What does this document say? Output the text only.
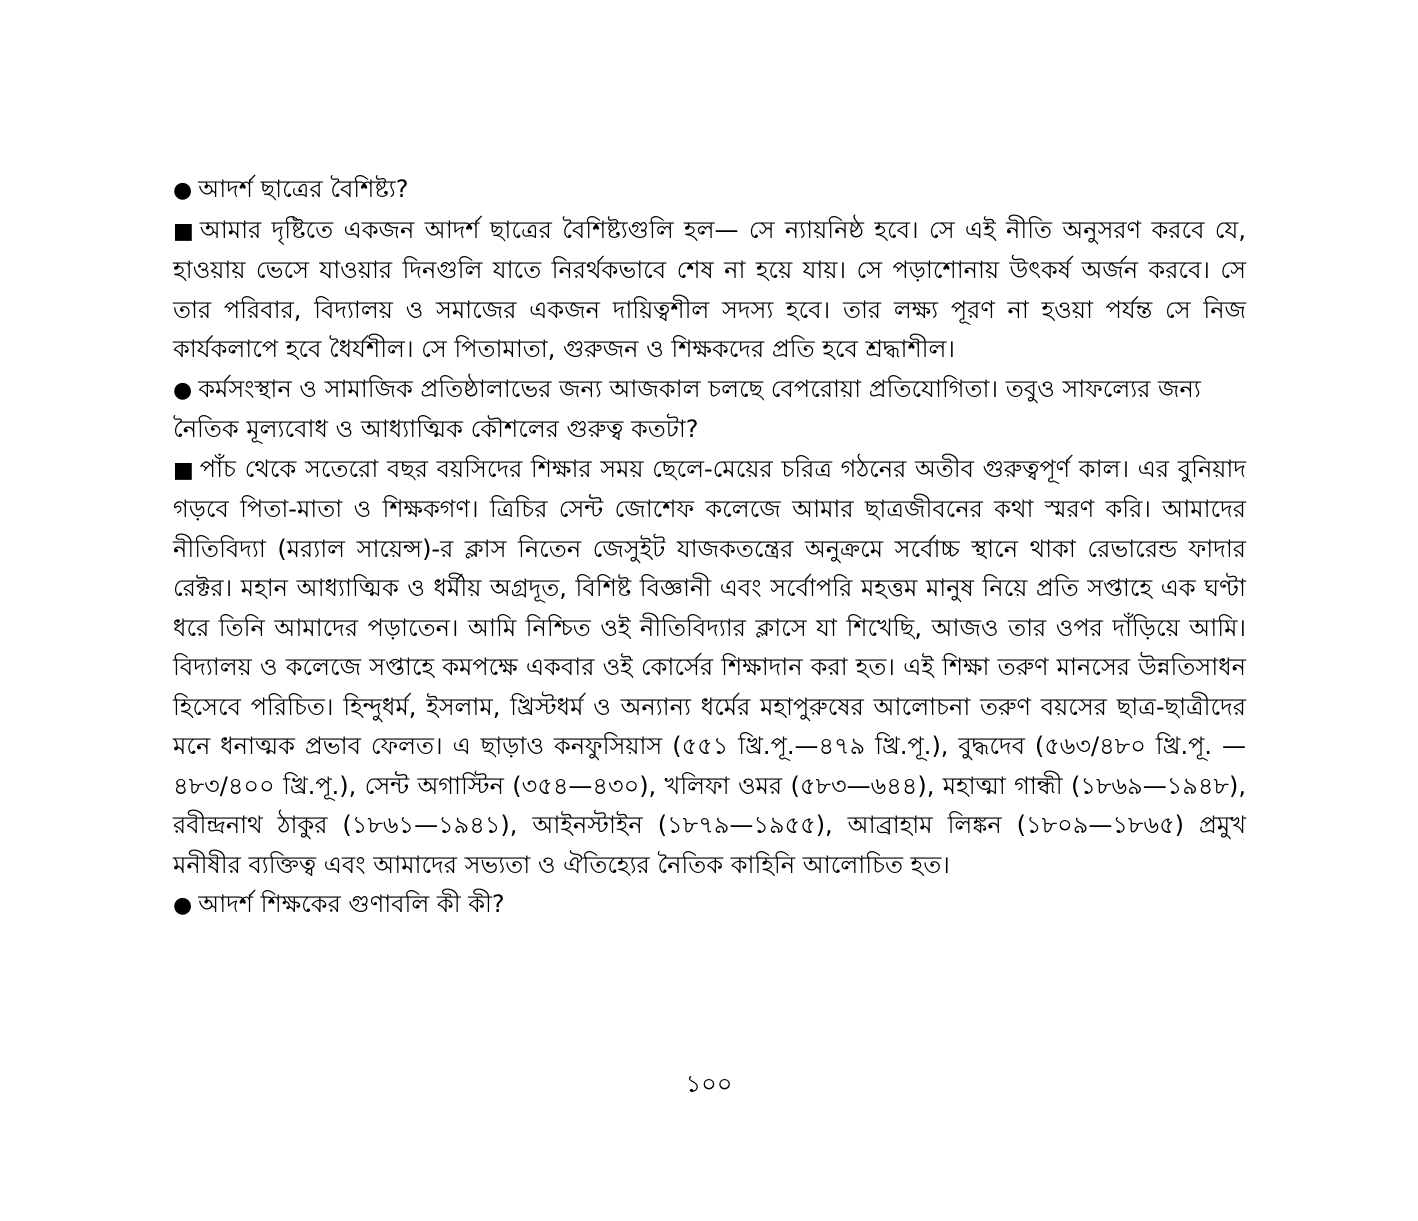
● আদর্শ ছাত্রের বৈশিষ্ট্য?

■ আমার দৃষ্টিতে একজন আদর্শ ছাত্রের বৈশিষ্ট্যগুলি হল— সে ন্যায়নিষ্ঠ হবে। সে এই নীতি অনুসরণ করবে যে, হাওয়ায় ভেসে যাওয়ার দিনগুলি যাতে নিরর্থকভাবে শেষ না হয়ে যায়। সে পড়াশোনায় উৎকর্ষ অর্জন করবে। সে তার পরিবার, বিদ্যালয় ও সমাজের একজন দায়িত্বশীল সদস্য হবে। তার লক্ষ্য পূরণ না হওয়া পর্যন্ত সে নিজ কার্যকলাপে হবে ধৈর্যশীল। সে পিতামাতা, গুরুজন ও শিক্ষকদের প্রতি হবে শ্রদ্ধাশীল।

● কর্মসংস্থান ও সামাজিক প্রতিষ্ঠালাভের জন্য আজকাল চলছে বেপরোয়া প্রতিযোগিতা। তবুও সাফল্যের জন্য নৈতিক মূল্যবোধ ও আধ্যাত্মিক কৌশলের গুরুত্ব কতটা?

■ পাঁচ থেকে সতেরো বছর বয়সিদের শিক্ষার সময় ছেলে-মেয়ের চরিত্র গঠনের অতীব গুরুত্বপূর্ণ কাল। এর বুনিয়াদ গড়বে পিতা-মাতা ও শিক্ষকগণ। ত্রিচির সেন্ট জোশেফ কলেজে আমার ছাত্রজীবনের কথা স্মরণ করি। আমাদের নীতিবিদ্যা (মর‍্যাল সায়েন্স)-র ক্লাস নিতেন জেসুইট যাজকতন্ত্রের অনুক্রমে সর্বোচ্চ স্থানে থাকা রেভারেন্ড ফাদার রেক্টর। মহান আধ্যাত্মিক ও ধর্মীয় অগ্রদূত, বিশিষ্ট বিজ্ঞানী এবং সর্বোপরি মহত্তম মানুষ নিয়ে প্রতি সপ্তাহে এক ঘণ্টা ধরে তিনি আমাদের পড়াতেন। আমি নিশ্চিত ওই নীতিবিদ্যার ক্লাসে যা শিখেছি, আজও তার ওপর দাঁড়িয়ে আমি। বিদ্যালয় ও কলেজে সপ্তাহে কমপক্ষে একবার ওই কোর্সের শিক্ষাদান করা হত। এই শিক্ষা তরুণ মানসের উন্নতিসাধন হিসেবে পরিচিত। হিন্দুধর্ম, ইসলাম, খ্রিস্টধর্ম ও অন্যান্য ধর্মের মহাপুরুষের আলোচনা তরুণ বয়সের ছাত্র-ছাত্রীদের মনে ধনাত্মক প্রভাব ফেলত। এ ছাড়াও কনফুসিয়াস (৫৫১ খ্রি.পূ.—৪৭৯ খ্রি.পূ.), বুদ্ধদেব (৫৬৩/৪৮০ খ্রি.পূ. —৪৮৩/৪০০ খ্রি.পূ.), সেন্ট অগাস্টিন (৩৫৪—৪৩০), খলিফা ওমর (৫৮৩—৬৪৪), মহাত্মা গান্ধী (১৮৬৯—১৯৪৮), রবীন্দ্রনাথ ঠাকুর (১৮৬১—১৯৪১), আইনস্টাইন (১৮৭৯—১৯৫৫), আব্রাহাম লিঙ্কন (১৮০৯—১৮৬৫) প্রমুখ মনীষীর ব্যক্তিত্ব এবং আমাদের সভ্যতা ও ঐতিহ্যের নৈতিক কাহিনি আলোচিত হত।

● আদর্শ শিক্ষকের গুণাবলি কী কী?

১০০
